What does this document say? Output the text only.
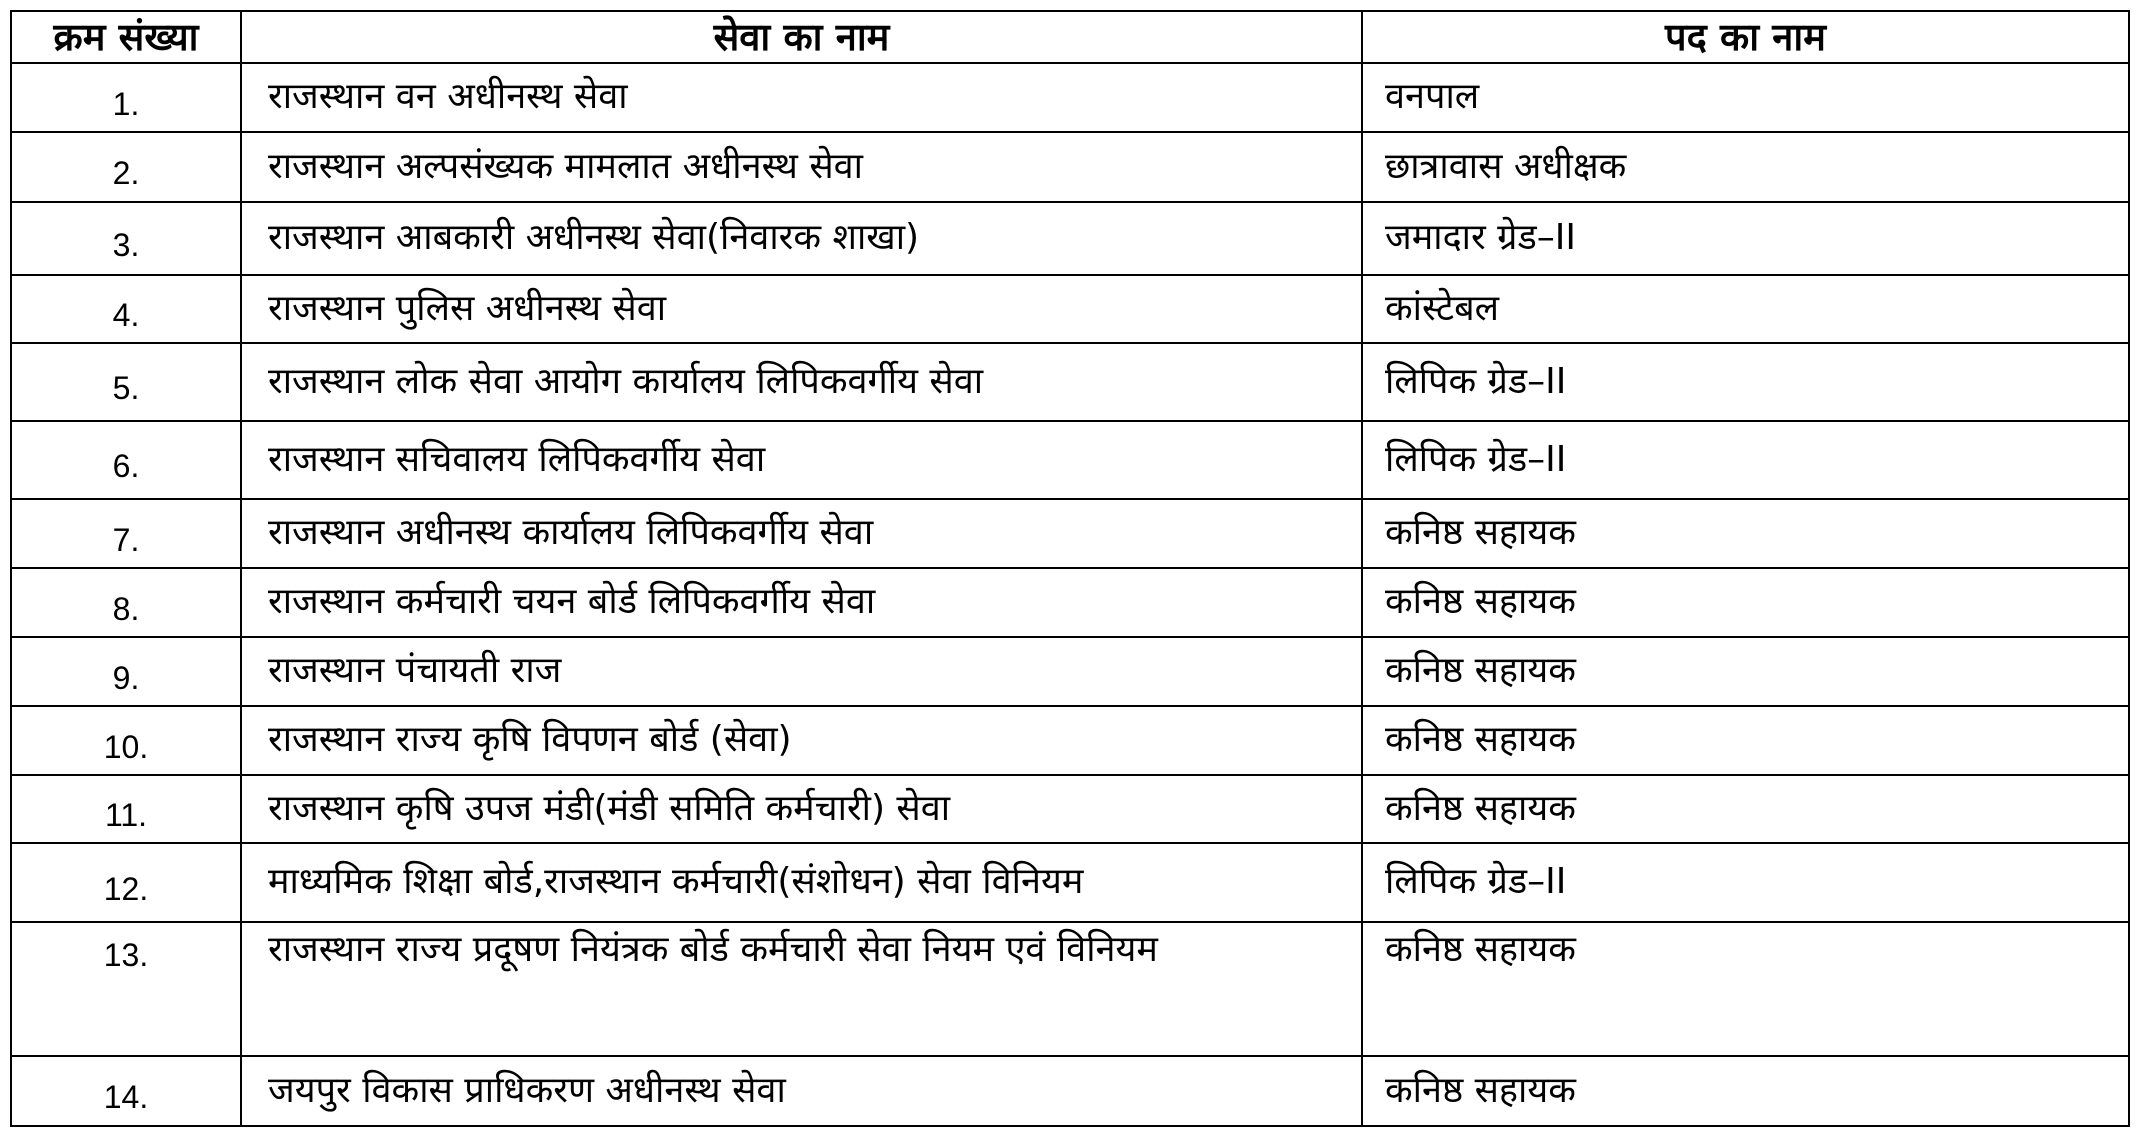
क्रम संख्या	सेवा का नाम	पद का नाम
1.	राजस्थान वन अधीनस्थ सेवा	वनपाल
2.	राजस्थान अल्पसंख्यक मामलात अधीनस्थ सेवा	छात्रावास अधीक्षक
3.	राजस्थान आबकारी अधीनस्थ सेवा(निवारक शाखा)	जमादार ग्रेड–II
4.	राजस्थान पुलिस अधीनस्थ सेवा	कांस्टेबल
5.	राजस्थान लोक सेवा आयोग कार्यालय लिपिकवर्गीय सेवा	लिपिक ग्रेड–II
6.	राजस्थान सचिवालय लिपिकवर्गीय सेवा	लिपिक ग्रेड–II
7.	राजस्थान अधीनस्थ कार्यालय लिपिकवर्गीय सेवा	कनिष्ठ सहायक
8.	राजस्थान कर्मचारी चयन बोर्ड लिपिकवर्गीय सेवा	कनिष्ठ सहायक
9.	राजस्थान पंचायती राज	कनिष्ठ सहायक
10.	राजस्थान राज्य कृषि विपणन बोर्ड (सेवा)	कनिष्ठ सहायक
11.	राजस्थान कृषि उपज मंडी(मंडी समिति कर्मचारी) सेवा	कनिष्ठ सहायक
12.	माध्यमिक शिक्षा बोर्ड,राजस्थान कर्मचारी(संशोधन) सेवा विनियम	लिपिक ग्रेड–II
13.	राजस्थान राज्य प्रदूषण नियंत्रक बोर्ड कर्मचारी सेवा नियम एवं विनियम	कनिष्ठ सहायक
14.	जयपुर विकास प्राधिकरण अधीनस्थ सेवा	कनिष्ठ सहायक
